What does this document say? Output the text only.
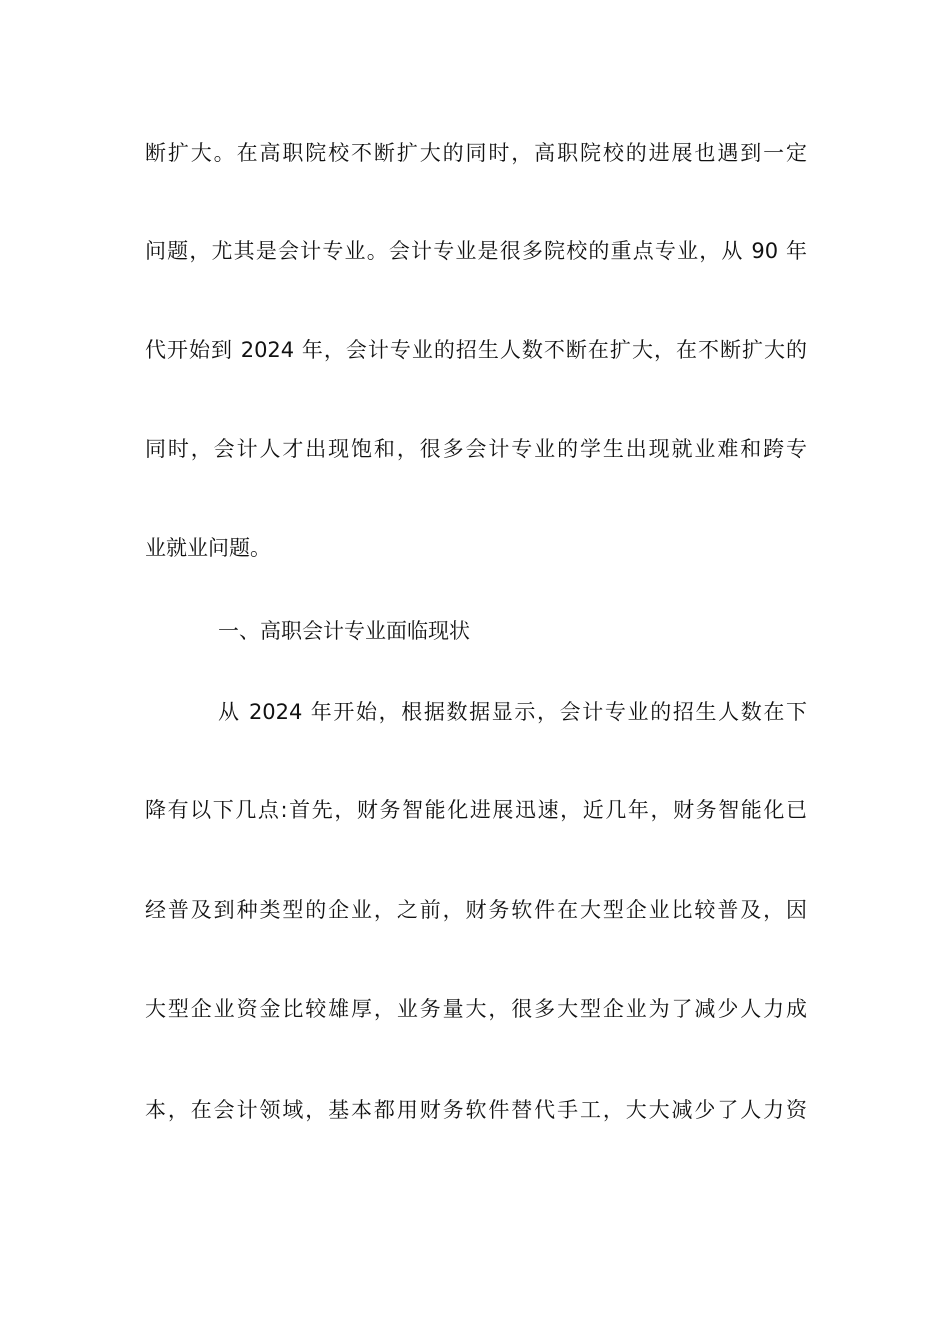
断扩大。在高职院校不断扩大的同时，高职院校的进展也遇到一定
问题，尤其是会计专业。会计专业是很多院校的重点专业，从 90 年
代开始到 2024 年，会计专业的招生人数不断在扩大，在不断扩大的
同时，会计人才出现饱和，很多会计专业的学生出现就业难和跨专
业就业问题。
一、高职会计专业面临现状
从 2024 年开始，根据数据显示，会计专业的招生人数在下
降有以下几点:首先，财务智能化进展迅速，近几年，财务智能化已
经普及到种类型的企业，之前，财务软件在大型企业比较普及，因
大型企业资金比较雄厚，业务量大，很多大型企业为了减少人力成
本，在会计领域，基本都用财务软件替代手工，大大减少了人力资
